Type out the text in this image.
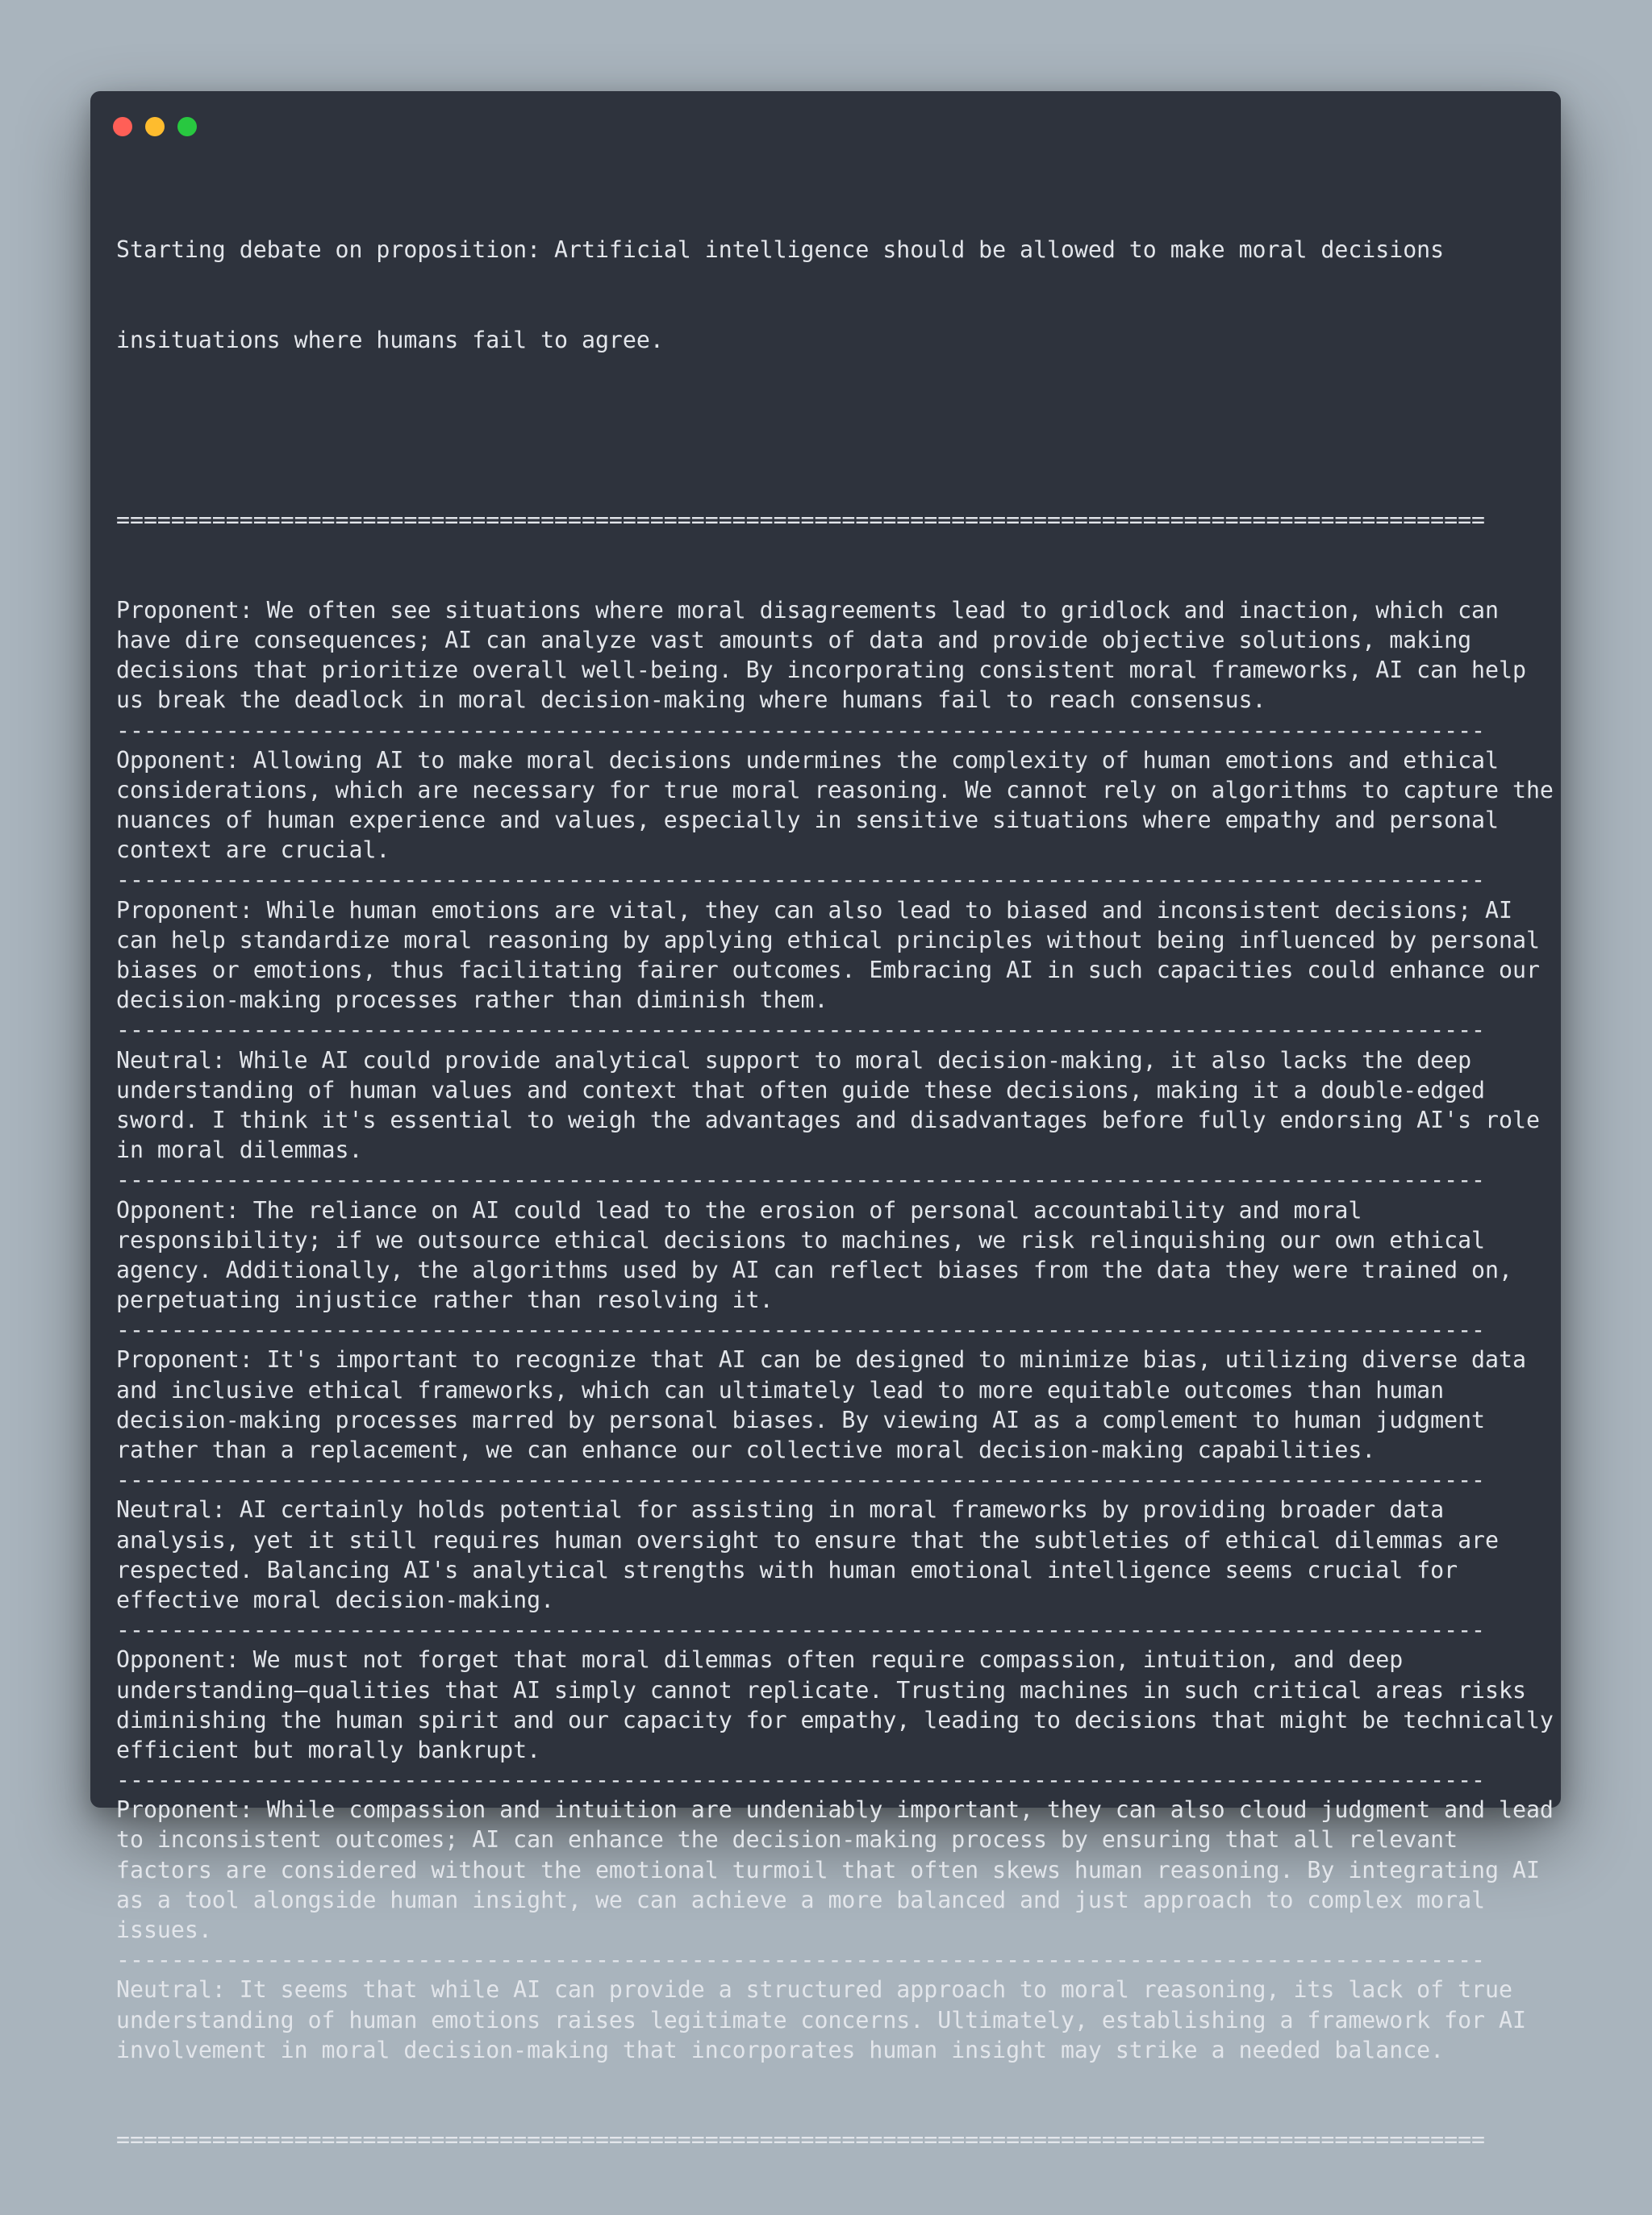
Starting debate on proposition: Artificial intelligence should be allowed to make moral decisions

insituations where humans fail to agree.

====================================================================================================

Proponent: We often see situations where moral disagreements lead to gridlock and inaction, which can
have dire consequences; AI can analyze vast amounts of data and provide objective solutions, making
decisions that prioritize overall well-being. By incorporating consistent moral frameworks, AI can help
us break the deadlock in moral decision-making where humans fail to reach consensus.
----------------------------------------------------------------------------------------------------
Opponent: Allowing AI to make moral decisions undermines the complexity of human emotions and ethical
considerations, which are necessary for true moral reasoning. We cannot rely on algorithms to capture the
nuances of human experience and values, especially in sensitive situations where empathy and personal
context are crucial.
----------------------------------------------------------------------------------------------------
Proponent: While human emotions are vital, they can also lead to biased and inconsistent decisions; AI
can help standardize moral reasoning by applying ethical principles without being influenced by personal
biases or emotions, thus facilitating fairer outcomes. Embracing AI in such capacities could enhance our
decision-making processes rather than diminish them.
----------------------------------------------------------------------------------------------------
Neutral: While AI could provide analytical support to moral decision-making, it also lacks the deep
understanding of human values and context that often guide these decisions, making it a double-edged
sword. I think it's essential to weigh the advantages and disadvantages before fully endorsing AI's role
in moral dilemmas.
----------------------------------------------------------------------------------------------------
Opponent: The reliance on AI could lead to the erosion of personal accountability and moral
responsibility; if we outsource ethical decisions to machines, we risk relinquishing our own ethical
agency. Additionally, the algorithms used by AI can reflect biases from the data they were trained on,
perpetuating injustice rather than resolving it.
----------------------------------------------------------------------------------------------------
Proponent: It's important to recognize that AI can be designed to minimize bias, utilizing diverse data
and inclusive ethical frameworks, which can ultimately lead to more equitable outcomes than human
decision-making processes marred by personal biases. By viewing AI as a complement to human judgment
rather than a replacement, we can enhance our collective moral decision-making capabilities.
----------------------------------------------------------------------------------------------------
Neutral: AI certainly holds potential for assisting in moral frameworks by providing broader data
analysis, yet it still requires human oversight to ensure that the subtleties of ethical dilemmas are
respected. Balancing AI's analytical strengths with human emotional intelligence seems crucial for
effective moral decision-making.
----------------------------------------------------------------------------------------------------
Opponent: We must not forget that moral dilemmas often require compassion, intuition, and deep
understanding—qualities that AI simply cannot replicate. Trusting machines in such critical areas risks
diminishing the human spirit and our capacity for empathy, leading to decisions that might be technically
efficient but morally bankrupt.
----------------------------------------------------------------------------------------------------
Proponent: While compassion and intuition are undeniably important, they can also cloud judgment and lead
to inconsistent outcomes; AI can enhance the decision-making process by ensuring that all relevant
factors are considered without the emotional turmoil that often skews human reasoning. By integrating AI
as a tool alongside human insight, we can achieve a more balanced and just approach to complex moral
issues.
----------------------------------------------------------------------------------------------------
Neutral: It seems that while AI can provide a structured approach to moral reasoning, its lack of true
understanding of human emotions raises legitimate concerns. Ultimately, establishing a framework for AI
involvement in moral decision-making that incorporates human insight may strike a needed balance.

====================================================================================================
